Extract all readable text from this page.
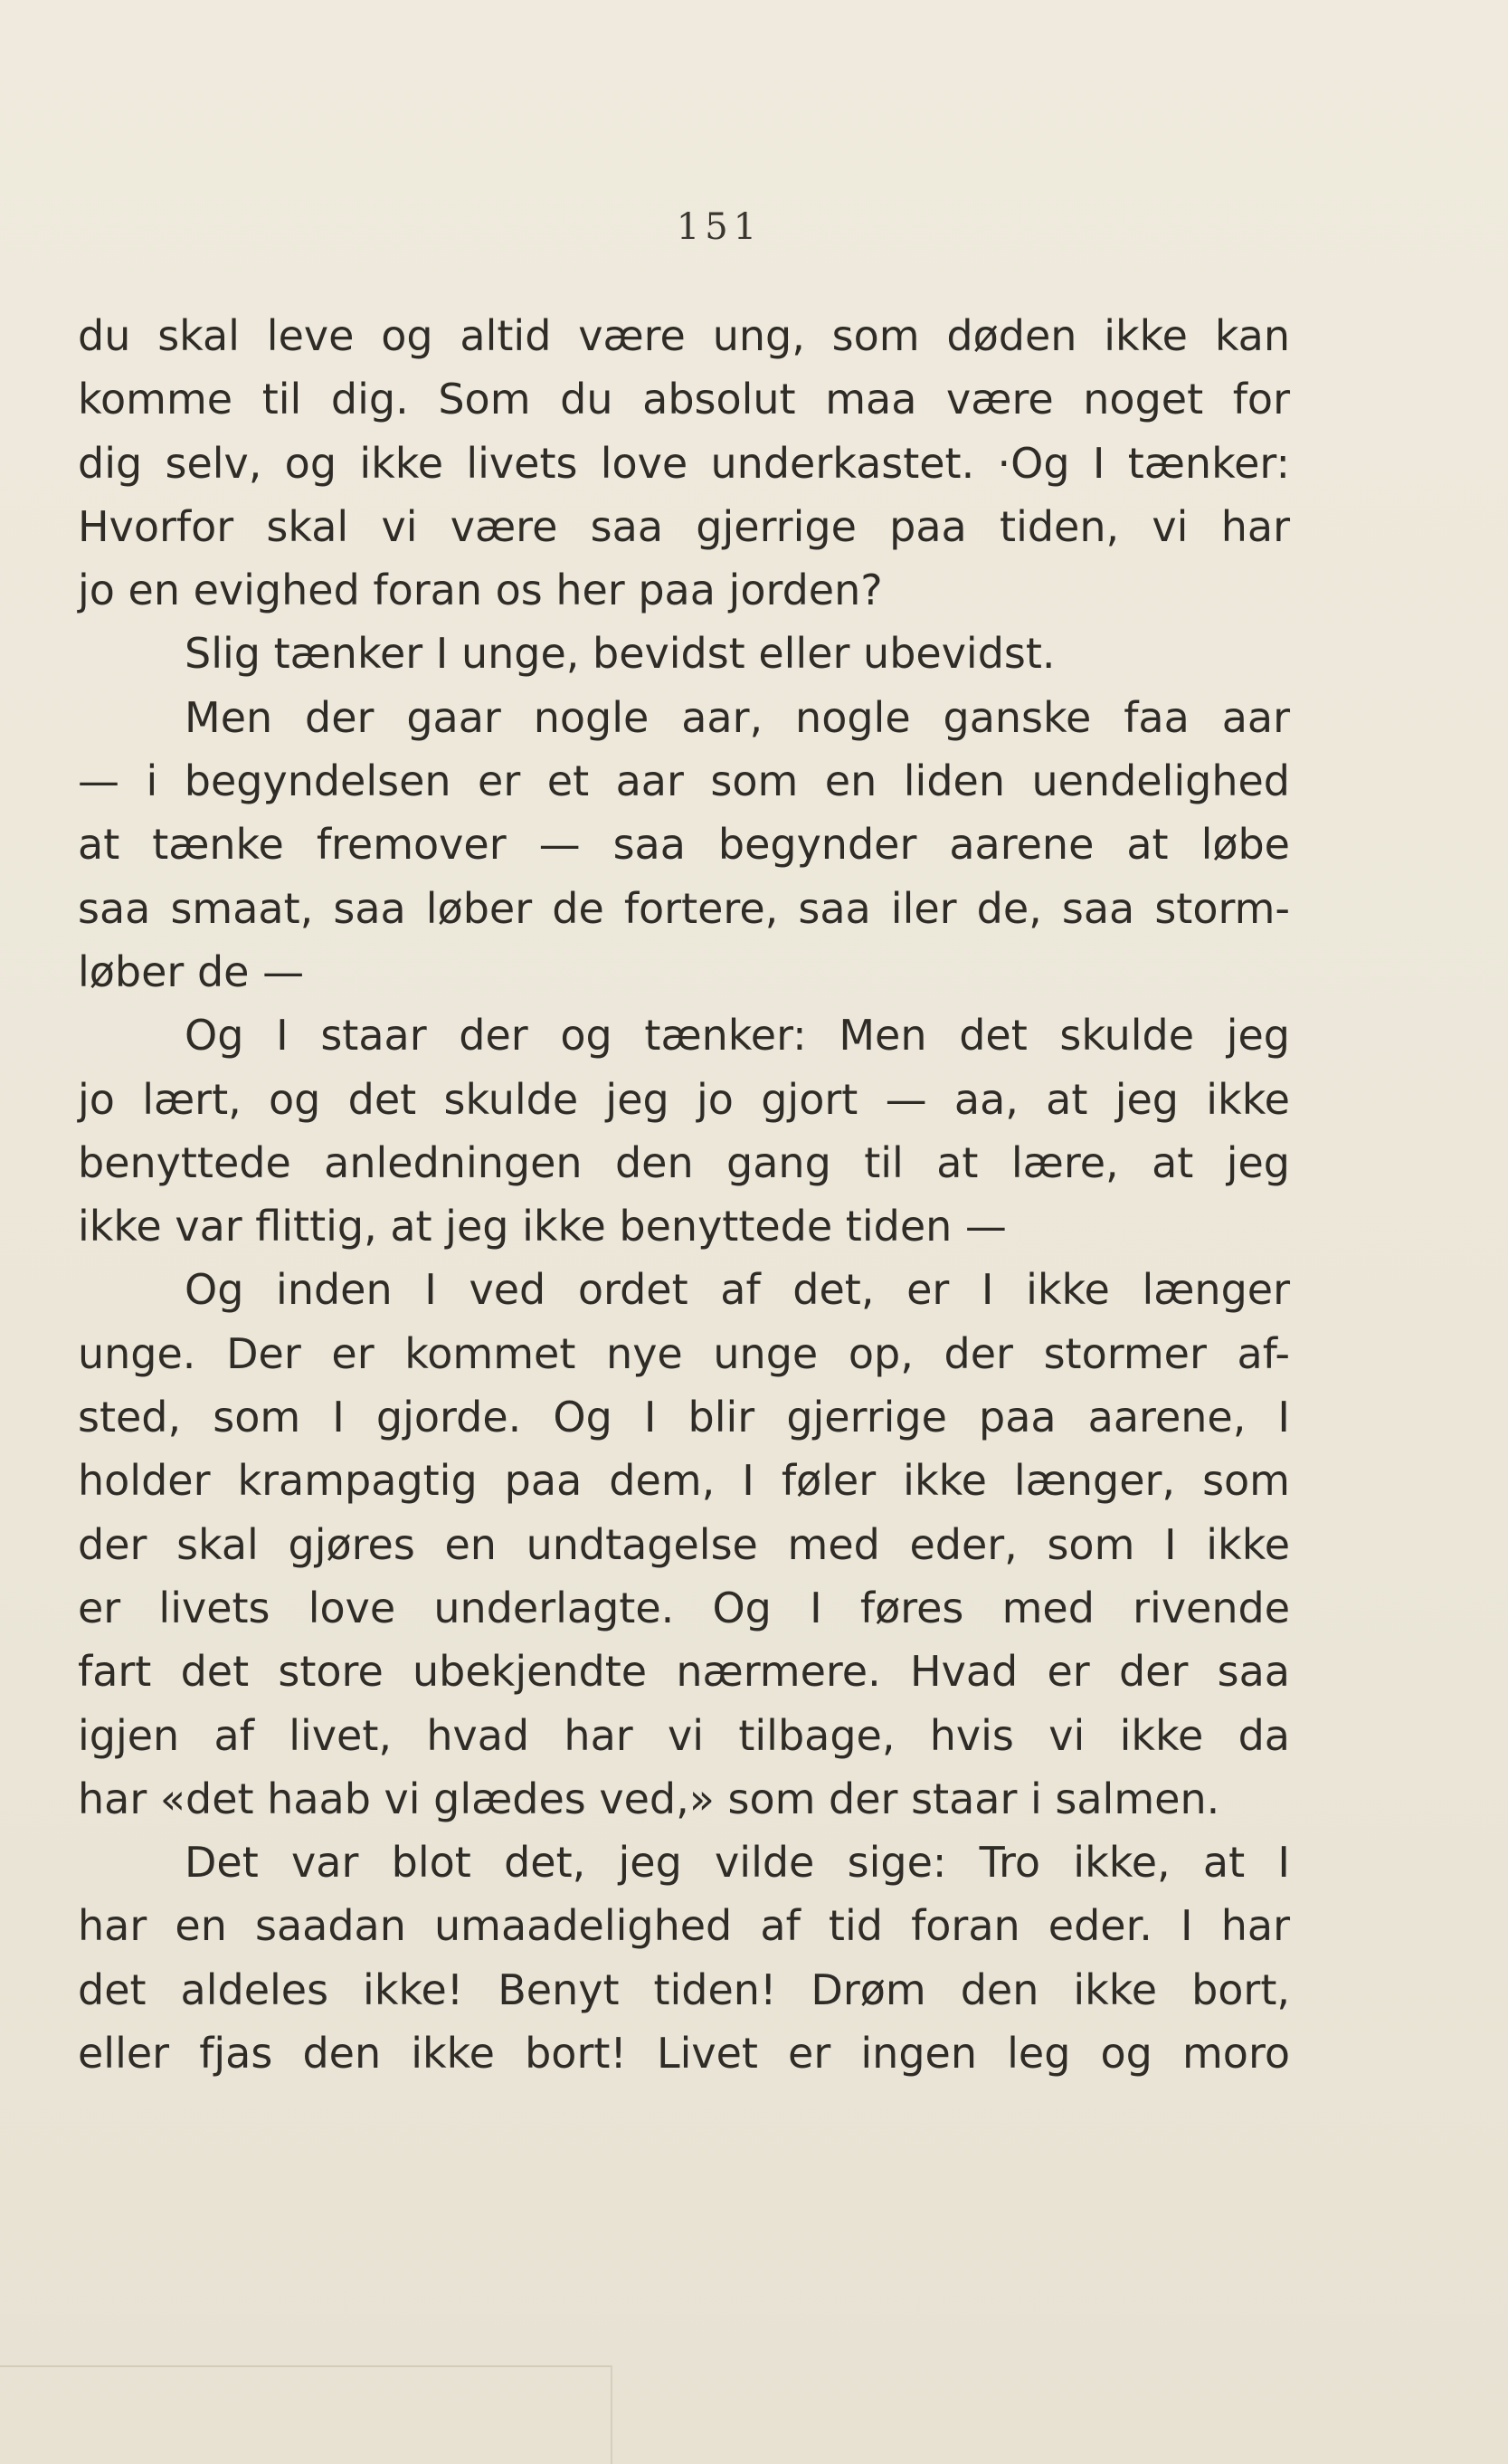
151
du skal leve og altid være ung, som døden ikke kan
komme til dig. Som du absolut maa være noget for
dig selv, og ikke livets love underkastet. ·Og I tænker:
Hvorfor skal vi være saa gjerrige paa tiden, vi har
jo en evighed foran os her paa jorden?
Slig tænker I unge, bevidst eller ubevidst.
Men der gaar nogle aar, nogle ganske faa aar
— i begyndelsen er et aar som en liden uendelighed
at tænke fremover — saa begynder aarene at løbe
saa smaat, saa løber de fortere, saa iler de, saa storm-
løber de —
Og I staar der og tænker: Men det skulde jeg
jo lært, og det skulde jeg jo gjort — aa, at jeg ikke
benyttede anledningen den gang til at lære, at jeg
ikke var flittig, at jeg ikke benyttede tiden —
Og inden I ved ordet af det, er I ikke længer
unge. Der er kommet nye unge op, der stormer af-
sted, som I gjorde. Og I blir gjerrige paa aarene, I
holder krampagtig paa dem, I føler ikke længer, som
der skal gjøres en undtagelse med eder, som I ikke
er livets love underlagte. Og I føres med rivende
fart det store ubekjendte nærmere. Hvad er der saa
igjen af livet, hvad har vi tilbage, hvis vi ikke da
har «det haab vi glædes ved,» som der staar i salmen.
Det var blot det, jeg vilde sige: Tro ikke, at I
har en saadan umaadelighed af tid foran eder. I har
det aldeles ikke! Benyt tiden! Drøm den ikke bort,
eller fjas den ikke bort! Livet er ingen leg og moro
